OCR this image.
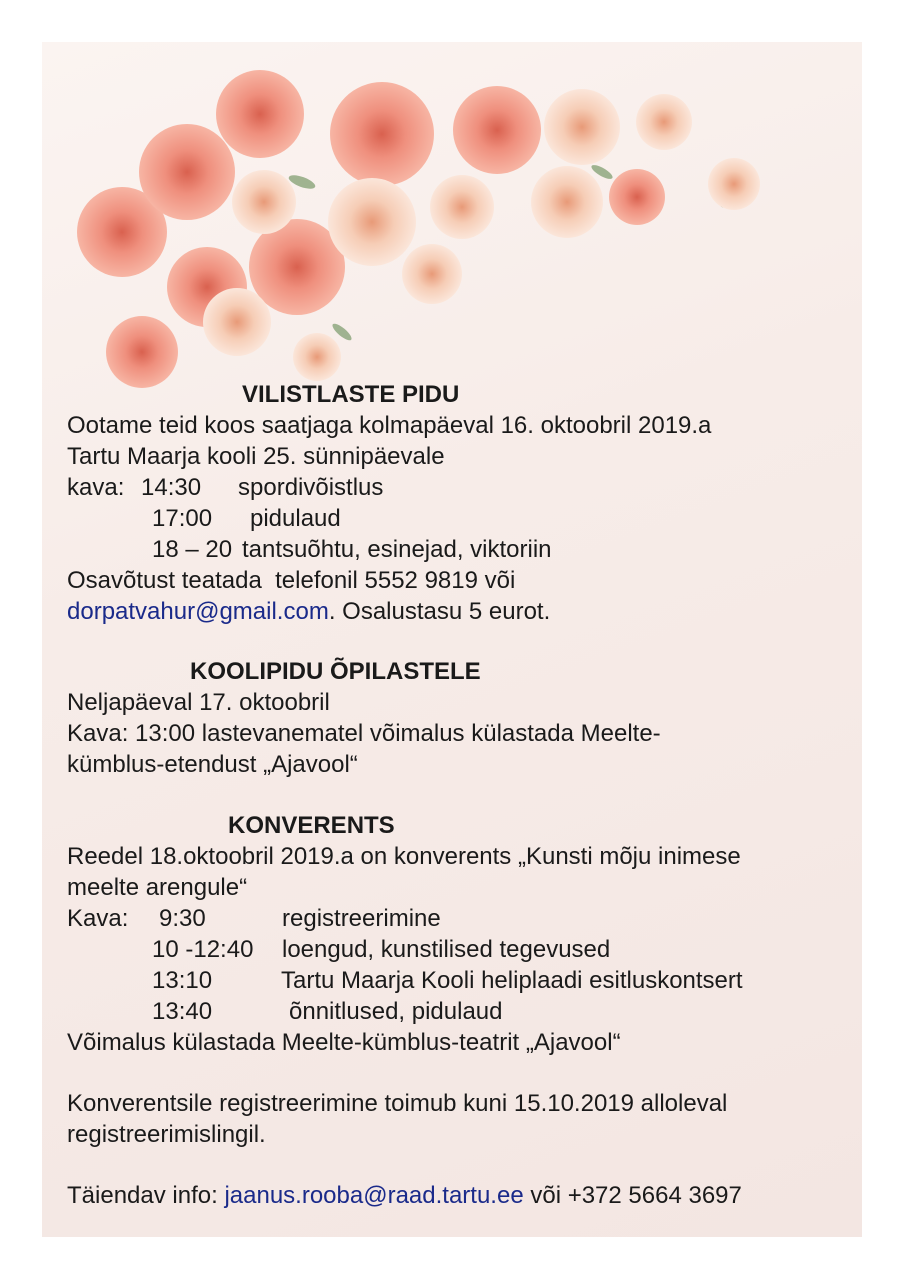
VILISTLASTE PIDU
Ootame teid koos saatjaga kolmapäeval 16. oktoobril 2019.a
Tartu Maarja kooli 25. sünnipäevale
kava: 14:30 spordivõistlus
17:00 pidulaud
18 – 20 tantsuõhtu, esinejad, viktoriin
Osavõtust teatada  telefonil 5552 9819 või
dorpatvahur@gmail.com. Osalustasu 5 eurot.
KOOLIPIDU ÕPILASTELE
Neljapäeval 17. oktoobril
Kava: 13:00 lastevanematel võimalus külastada Meelte-
kümblus-etendust „Ajavool“
KONVERENTS
Reedel 18.oktoobril 2019.a on konverents „Kunsti mõju inimese
meelte arengule“
Kava: 9:30	registreerimine
10 -12:40 loengud, kunstilised tegevused
13:10	Tartu Maarja Kooli heliplaadi esitluskontsert
13:40	õnnitlused, pidulaud
Võimalus külastada Meelte-kümblus-teatrit „Ajavool“
Konverentsile registreerimine toimub kuni 15.10.2019 alloleval
registreerimislingil.
Täiendav info: jaanus.rooba@raad.tartu.ee või +372 5664 3697
